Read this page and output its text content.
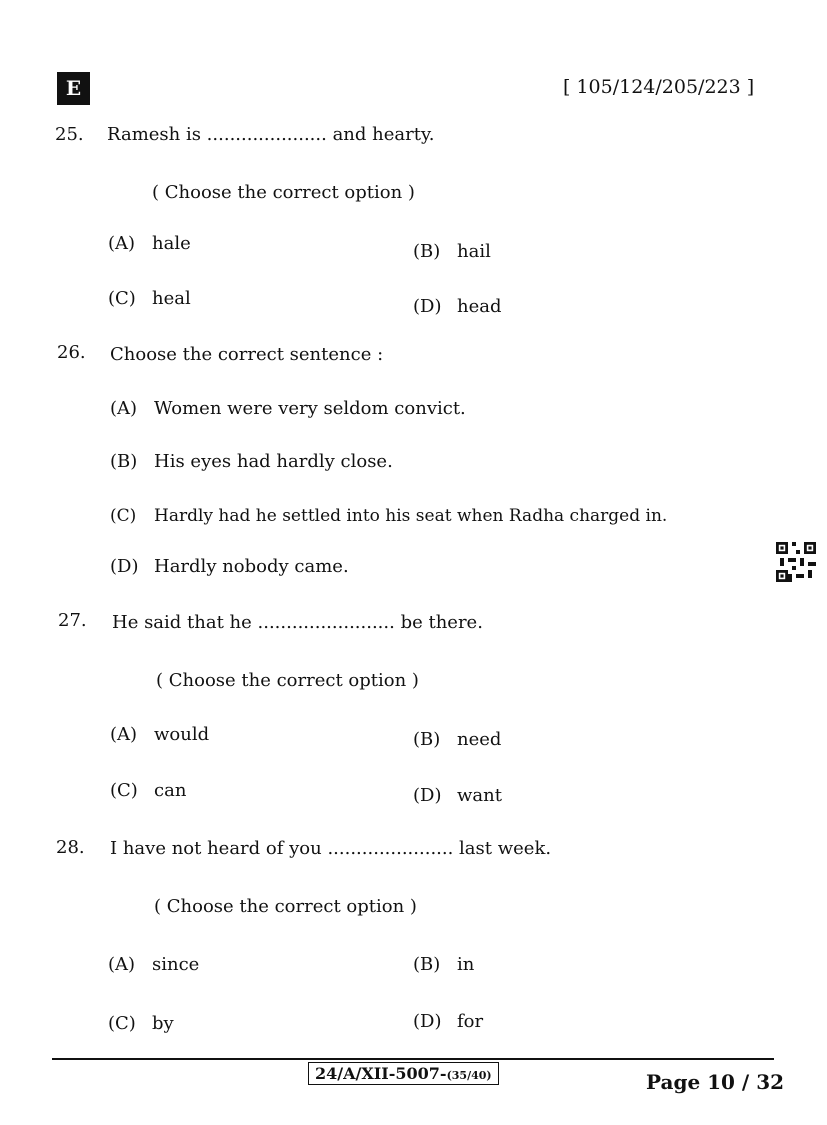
E	[ 105/124/205/223 ]
25. Ramesh is ..................... and hearty.
( Choose the correct option )
(A) hale	(B) hail
(C) heal	(D) head
26. Choose the correct sentence :
(A) Women were very seldom convict.
(B) His eyes had hardly close.
(C) Hardly had he settled into his seat when Radha charged in.
(D) Hardly nobody came.
27. He said that he ........................ be there.
( Choose the correct option )
(A) would	(B) need
(C) can	(D) want
28. I have not heard of you ...................... last week.
( Choose the correct option )
(A) since	(B) in
(C) by	(D) for
24/A/XII-5007-(35/40)	Page 10 / 32
